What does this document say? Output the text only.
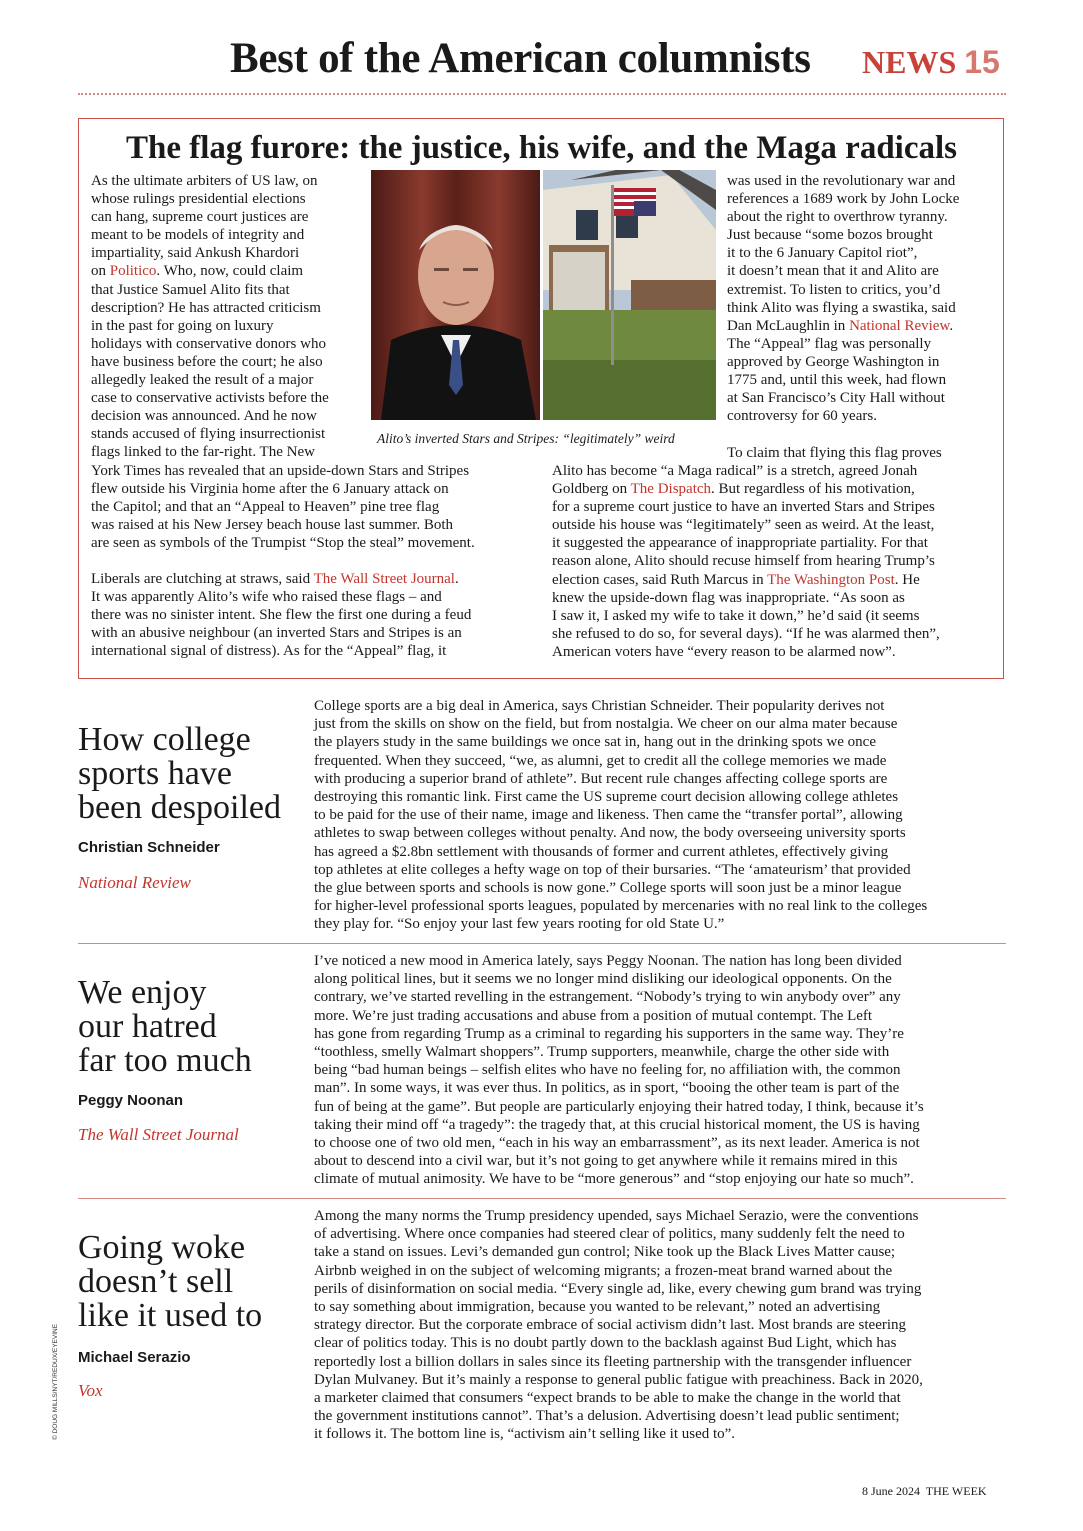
Best of the American columnists NEWS 15
The flag furore: the justice, his wife, and the Maga radicals
As the ultimate arbiters of US law, on
whose rulings presidential elections
can hang, supreme court justices are
meant to be models of integrity and
impartiality, said Ankush Khardori
on Politico. Who, now, could claim
that Justice Samuel Alito fits that
description? He has attracted criticism
in the past for going on luxury
holidays with conservative donors who
have business before the court; he also
allegedly leaked the result of a major
case to conservative activists before the
decision was announced. And he now
stands accused of flying insurrectionist
flags linked to the far-right. The New
Alito’s inverted Stars and Stripes: “legitimately” weird
was used in the revolutionary war and
references a 1689 work by John Locke
about the right to overthrow tyranny.
Just because “some bozos brought
it to the 6 January Capitol riot”,
it doesn’t mean that it and Alito are
extremist. To listen to critics, you’d
think Alito was flying a swastika, said
Dan McLaughlin in National Review.
The “Appeal” flag was personally
approved by George Washington in
1775 and, until this week, had flown
at San Francisco’s City Hall without
controversy for 60 years.
To claim that flying this flag proves
York Times has revealed that an upside-down Stars and Stripes
flew outside his Virginia home after the 6 January attack on
the Capitol; and that an “Appeal to Heaven” pine tree flag
was raised at his New Jersey beach house last summer. Both
are seen as symbols of the Trumpist “Stop the steal” movement.
Liberals are clutching at straws, said The Wall Street Journal.
It was apparently Alito’s wife who raised these flags – and
there was no sinister intent. She flew the first one during a feud
with an abusive neighbour (an inverted Stars and Stripes is an
international signal of distress). As for the “Appeal” flag, it
Alito has become “a Maga radical” is a stretch, agreed Jonah
Goldberg on The Dispatch. But regardless of his motivation,
for a supreme court justice to have an inverted Stars and Stripes
outside his house was “legitimately” seen as weird. At the least,
it suggested the appearance of inappropriate partiality. For that
reason alone, Alito should recuse himself from hearing Trump’s
election cases, said Ruth Marcus in The Washington Post. He
knew the upside-down flag was inappropriate. “As soon as
I saw it, I asked my wife to take it down,” he’d said (it seems
she refused to do so, for several days). “If he was alarmed then”,
American voters have “every reason to be alarmed now”.
How college
sports have
been despoiled
Christian Schneider
National Review
College sports are a big deal in America, says Christian Schneider. Their popularity derives not
just from the skills on show on the field, but from nostalgia. We cheer on our alma mater because
the players study in the same buildings we once sat in, hang out in the drinking spots we once
frequented. When they succeed, “we, as alumni, get to credit all the college memories we made
with producing a superior brand of athlete”. But recent rule changes affecting college sports are
destroying this romantic link. First came the US supreme court decision allowing college athletes
to be paid for the use of their name, image and likeness. Then came the “transfer portal”, allowing
athletes to swap between colleges without penalty. And now, the body overseeing university sports
has agreed a $2.8bn settlement with thousands of former and current athletes, effectively giving
top athletes at elite colleges a hefty wage on top of their bursaries. “The ‘amateurism’ that provided
the glue between sports and schools is now gone.” College sports will soon just be a minor league
for higher-level professional sports leagues, populated by mercenaries with no real link to the colleges
they play for. “So enjoy your last few years rooting for old State U.”
We enjoy
our hatred
far too much
Peggy Noonan
The Wall Street Journal
I’ve noticed a new mood in America lately, says Peggy Noonan. The nation has long been divided
along political lines, but it seems we no longer mind disliking our ideological opponents. On the
contrary, we’ve started revelling in the estrangement. “Nobody’s trying to win anybody over” any
more. We’re just trading accusations and abuse from a position of mutual contempt. The Left
has gone from regarding Trump as a criminal to regarding his supporters in the same way. They’re
“toothless, smelly Walmart shoppers”. Trump supporters, meanwhile, charge the other side with
being “bad human beings – selfish elites who have no feeling for, no affiliation with, the common
man”. In some ways, it was ever thus. In politics, as in sport, “booing the other team is part of the
fun of being at the game”. But people are particularly enjoying their hatred today, I think, because it’s
taking their mind off “a tragedy”: the tragedy that, at this crucial historical moment, the US is having
to choose one of two old men, “each in his way an embarrassment”, as its next leader. America is not
about to descend into a civil war, but it’s not going to get anywhere while it remains mired in this
climate of mutual animosity. We have to be “more generous” and “stop enjoying our hate so much”.
Going woke
doesn’t sell
like it used to
Michael Serazio
Vox
Among the many norms the Trump presidency upended, says Michael Serazio, were the conventions
of advertising. Where once companies had steered clear of politics, many suddenly felt the need to
take a stand on issues. Levi’s demanded gun control; Nike took up the Black Lives Matter cause;
Airbnb weighed in on the subject of welcoming migrants; a frozen-meat brand warned about the
perils of disinformation on social media. “Every single ad, like, every chewing gum brand was trying
to say something about immigration, because you wanted to be relevant,” noted an advertising
strategy director. But the corporate embrace of social activism didn’t last. Most brands are steering
clear of politics today. This is no doubt partly down to the backlash against Bud Light, which has
reportedly lost a billion dollars in sales since its fleeting partnership with the transgender influencer
Dylan Mulvaney. But it’s mainly a response to general public fatigue with preachiness. Back in 2020,
a marketer claimed that consumers “expect brands to be able to make the change in the world that
the government institutions cannot”. That’s a delusion. Advertising doesn’t lead public sentiment;
it follows it. The bottom line is, “activism ain’t selling like it used to”.
© DOUG MILLS/NYT/REDUX/EYEVINE
8 June 2024 THE WEEK
